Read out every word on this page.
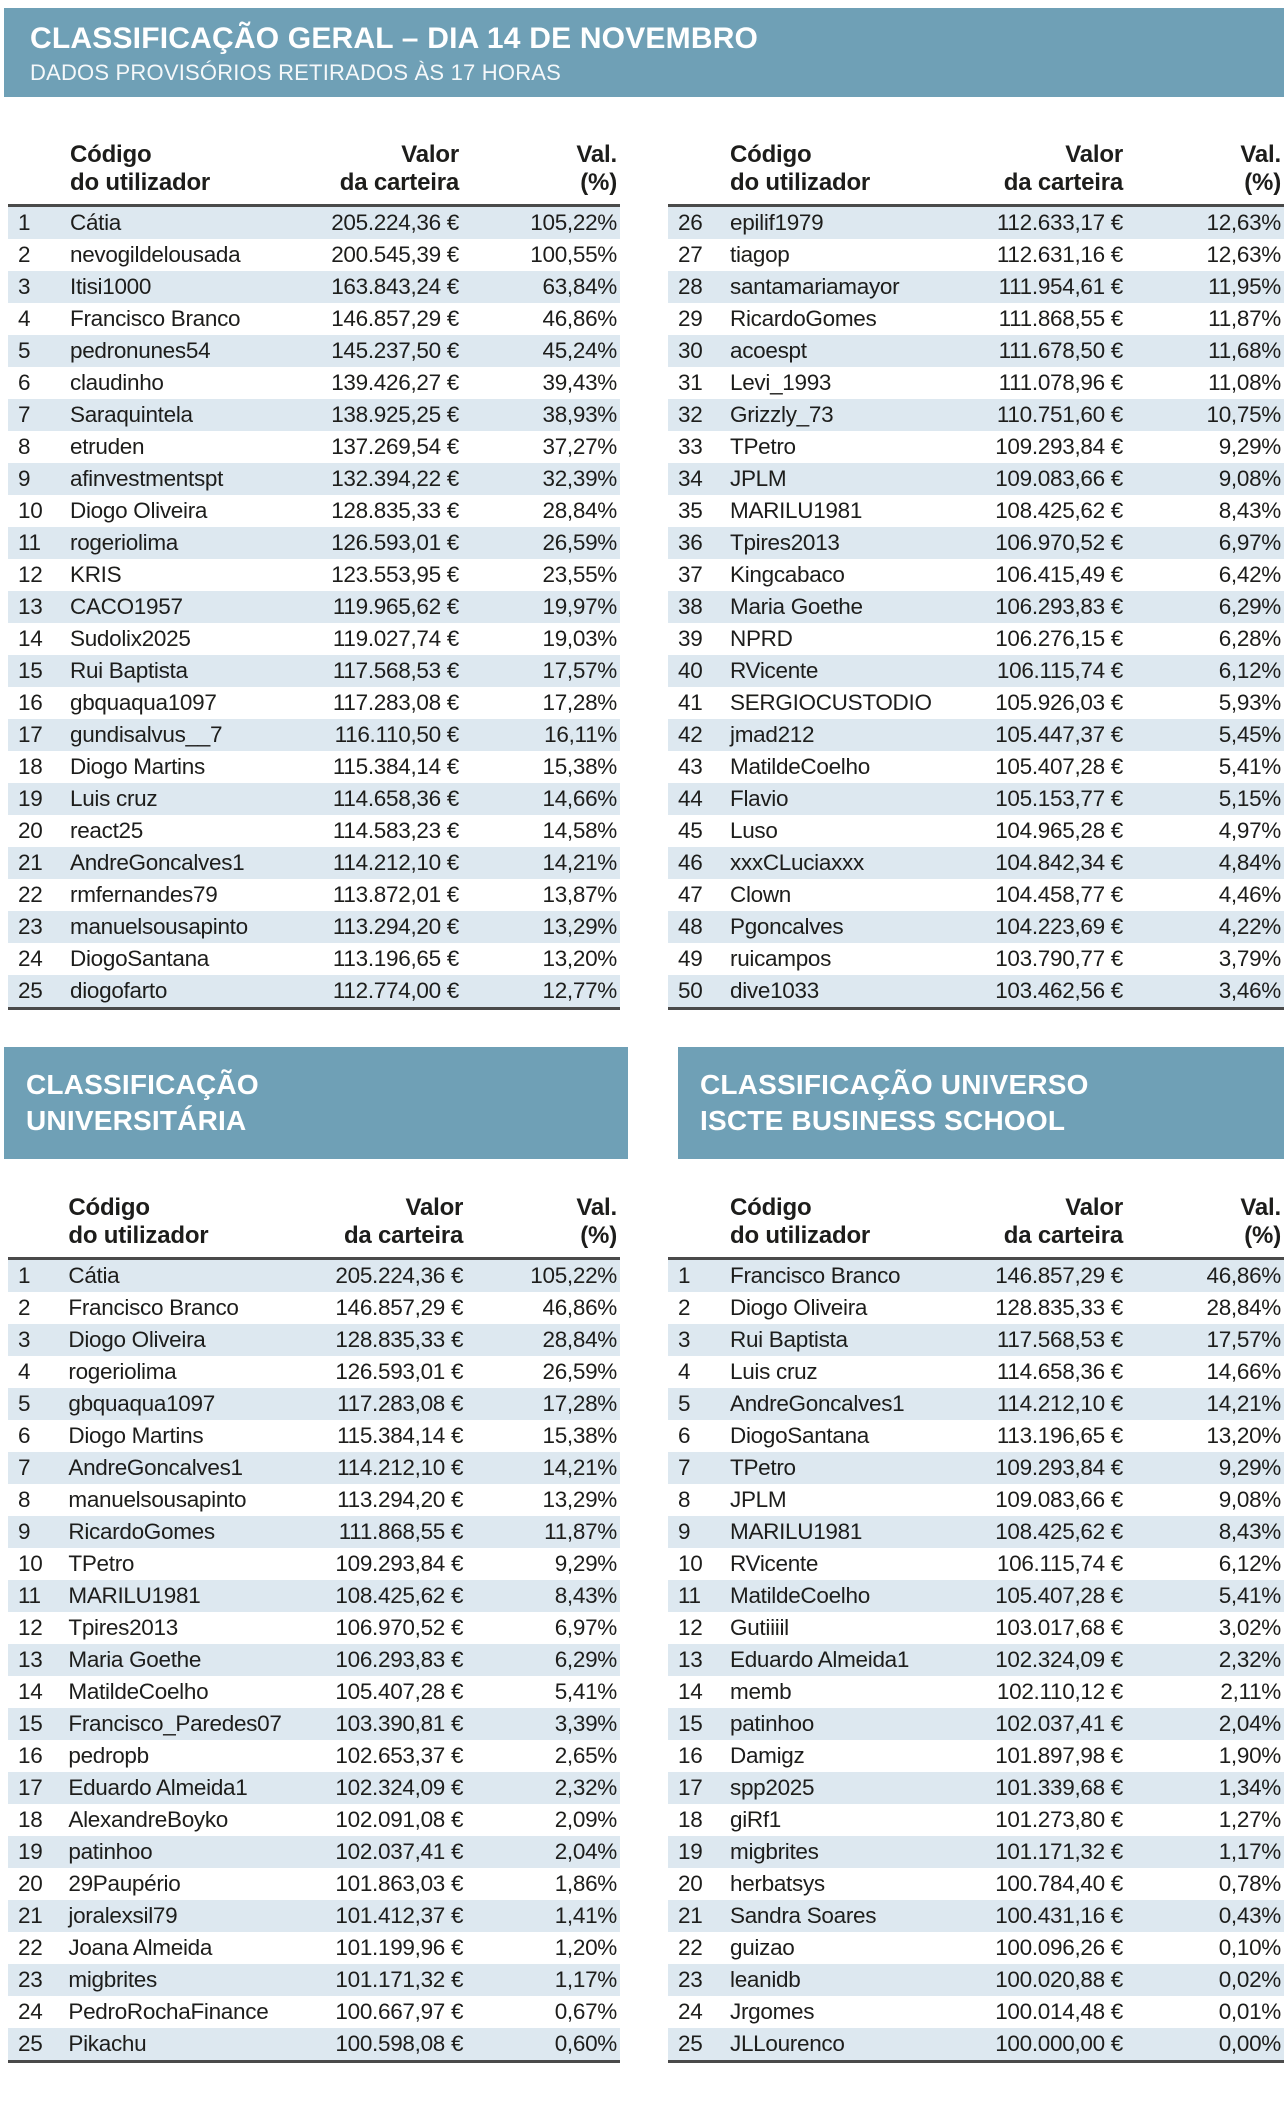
CLASSIFICAÇÃO GERAL – DIA 14 DE NOVEMBRO
DADOS PROVISÓRIOS RETIRADOS ÀS 17 HORAS
	Código
do utilizador	Valor
da carteira	Val.
(%)
1	Cátia	205.224,36 €	105,22%
2	nevogildelousada	200.545,39 €	100,55%
3	Itisi1000	163.843,24 €	63,84%
4	Francisco Branco	146.857,29 €	46,86%
5	pedronunes54	145.237,50 €	45,24%
6	claudinho	139.426,27 €	39,43%
7	Saraquintela	138.925,25 €	38,93%
8	etruden	137.269,54 €	37,27%
9	afinvestmentspt	132.394,22 €	32,39%
10	Diogo Oliveira	128.835,33 €	28,84%
11	rogeriolima	126.593,01 €	26,59%
12	KRIS	123.553,95 €	23,55%
13	CACO1957	119.965,62 €	19,97%
14	Sudolix2025	119.027,74 €	19,03%
15	Rui Baptista	117.568,53 €	17,57%
16	gbquaqua1097	117.283,08 €	17,28%
17	gundisalvus__7	116.110,50 €	16,11%
18	Diogo Martins	115.384,14 €	15,38%
19	Luis cruz	114.658,36 €	14,66%
20	react25	114.583,23 €	14,58%
21	AndreGoncalves1	114.212,10 €	14,21%
22	rmfernandes79	113.872,01 €	13,87%
23	manuelsousapinto	113.294,20 €	13,29%
24	DiogoSantana	113.196,65 €	13,20%
25	diogofarto	112.774,00 €	12,77%
	Código
do utilizador	Valor
da carteira	Val.
(%)
26	epilif1979	112.633,17 €	12,63%
27	tiagop	112.631,16 €	12,63%
28	santamariamayor	111.954,61 €	11,95%
29	RicardoGomes	111.868,55 €	11,87%
30	acoespt	111.678,50 €	11,68%
31	Levi_1993	111.078,96 €	11,08%
32	Grizzly_73	110.751,60 €	10,75%
33	TPetro	109.293,84 €	9,29%
34	JPLM	109.083,66 €	9,08%
35	MARILU1981	108.425,62 €	8,43%
36	Tpires2013	106.970,52 €	6,97%
37	Kingcabaco	106.415,49 €	6,42%
38	Maria Goethe	106.293,83 €	6,29%
39	NPRD	106.276,15 €	6,28%
40	RVicente	106.115,74 €	6,12%
41	SERGIOCUSTODIO	105.926,03 €	5,93%
42	jmad212	105.447,37 €	5,45%
43	MatildeCoelho	105.407,28 €	5,41%
44	Flavio	105.153,77 €	5,15%
45	Luso	104.965,28 €	4,97%
46	xxxCLuciaxxx	104.842,34 €	4,84%
47	Clown	104.458,77 €	4,46%
48	Pgoncalves	104.223,69 €	4,22%
49	ruicampos	103.790,77 €	3,79%
50	dive1033	103.462,56 €	3,46%
CLASSIFICAÇÃO
UNIVERSITÁRIA
CLASSIFICAÇÃO UNIVERSO
ISCTE BUSINESS SCHOOL
	Código
do utilizador	Valor
da carteira	Val.
(%)
1	Cátia	205.224,36 €	105,22%
2	Francisco Branco	146.857,29 €	46,86%
3	Diogo Oliveira	128.835,33 €	28,84%
4	rogeriolima	126.593,01 €	26,59%
5	gbquaqua1097	117.283,08 €	17,28%
6	Diogo Martins	115.384,14 €	15,38%
7	AndreGoncalves1	114.212,10 €	14,21%
8	manuelsousapinto	113.294,20 €	13,29%
9	RicardoGomes	111.868,55 €	11,87%
10	TPetro	109.293,84 €	9,29%
11	MARILU1981	108.425,62 €	8,43%
12	Tpires2013	106.970,52 €	6,97%
13	Maria Goethe	106.293,83 €	6,29%
14	MatildeCoelho	105.407,28 €	5,41%
15	Francisco_Paredes07	103.390,81 €	3,39%
16	pedropb	102.653,37 €	2,65%
17	Eduardo Almeida1	102.324,09 €	2,32%
18	AlexandreBoyko	102.091,08 €	2,09%
19	patinhoo	102.037,41 €	2,04%
20	29Paupério	101.863,03 €	1,86%
21	joralexsil79	101.412,37 €	1,41%
22	Joana Almeida	101.199,96 €	1,20%
23	migbrites	101.171,32 €	1,17%
24	PedroRochaFinance	100.667,97 €	0,67%
25	Pikachu	100.598,08 €	0,60%
	Código
do utilizador	Valor
da carteira	Val.
(%)
1	Francisco Branco	146.857,29 €	46,86%
2	Diogo Oliveira	128.835,33 €	28,84%
3	Rui Baptista	117.568,53 €	17,57%
4	Luis cruz	114.658,36 €	14,66%
5	AndreGoncalves1	114.212,10 €	14,21%
6	DiogoSantana	113.196,65 €	13,20%
7	TPetro	109.293,84 €	9,29%
8	JPLM	109.083,66 €	9,08%
9	MARILU1981	108.425,62 €	8,43%
10	RVicente	106.115,74 €	6,12%
11	MatildeCoelho	105.407,28 €	5,41%
12	Gutiiiil	103.017,68 €	3,02%
13	Eduardo Almeida1	102.324,09 €	2,32%
14	memb	102.110,12 €	2,11%
15	patinhoo	102.037,41 €	2,04%
16	Damigz	101.897,98 €	1,90%
17	spp2025	101.339,68 €	1,34%
18	giRf1	101.273,80 €	1,27%
19	migbrites	101.171,32 €	1,17%
20	herbatsys	100.784,40 €	0,78%
21	Sandra Soares	100.431,16 €	0,43%
22	guizao	100.096,26 €	0,10%
23	leanidb	100.020,88 €	0,02%
24	Jrgomes	100.014,48 €	0,01%
25	JLLourenco	100.000,00 €	0,00%
